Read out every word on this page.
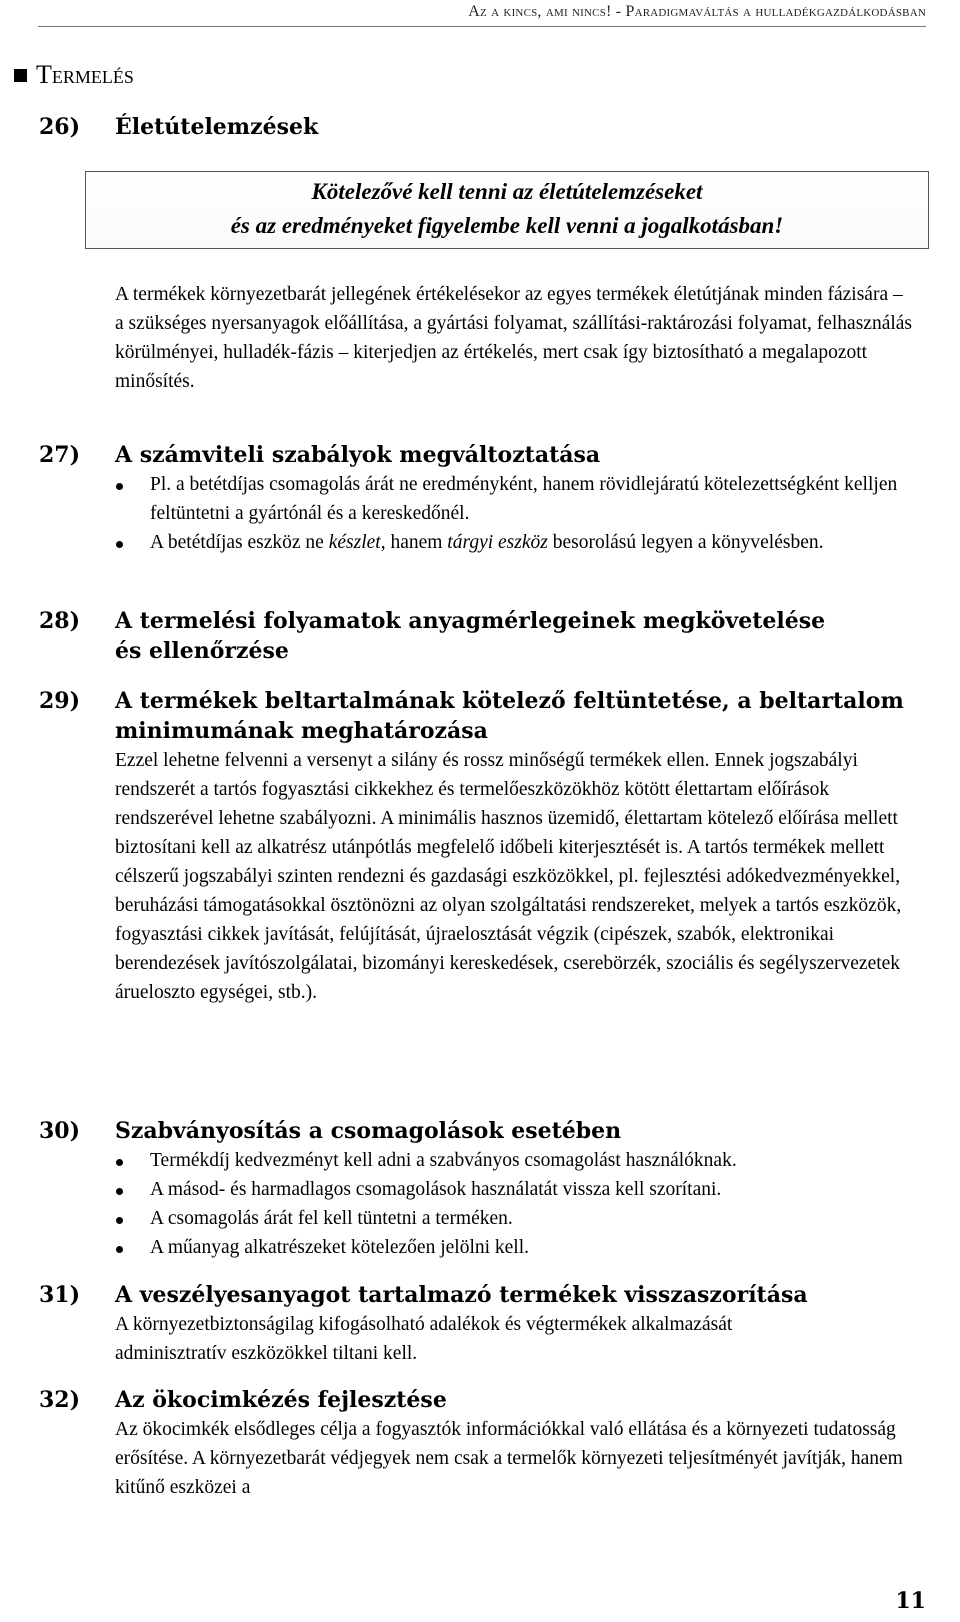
Az a kincs, ami nincs! - Paradigmaváltás a hulladékgazdálkodásban
Termelés
26)	Életútelemzések
Kötelezővé kell tenni az életútelemzéseket
és az eredményeket figyelembe kell venni a jogalkotásban!
A termékek környezetbarát jellegének értékelésekor az egyes termékek életútjának minden fázisára – a szükséges nyersanyagok előállítása, a gyártási folyamat, szállítási-raktározási folyamat, felhasználás körülményei, hulladék-fázis – kiterjedjen az értékelés, mert csak így biztosítható a megalapozott minősítés.
27)	A számviteli szabályok megváltoztatása
Pl. a betétdíjas csomagolás árát ne eredményként, hanem rövidlejáratú kötelezettségként kelljen feltüntetni a gyártónál és a kereskedőnél.
A betétdíjas eszköz ne készlet, hanem tárgyi eszköz besorolású legyen a könyvelésben.
28)	A termelési folyamatok anyagmérlegeinek megkövetelése és ellenőrzése
29)	A termékek beltartalmának kötelező feltüntetése, a beltartalom minimumának meghatározása
Ezzel lehetne felvenni a versenyt a silány és rossz minőségű termékek ellen. Ennek jogszabályi rendszerét a tartós fogyasztási cikkekhez és termelőeszközökhöz kötött élettartam előírások rendszerével lehetne szabályozni. A minimális hasznos üzemidő, élettartam kötelező előírása mellett biztosítani kell az alkatrész utánpótlás megfelelő időbeli kiterjesztését is. A tartós termékek mellett célszerű jogszabályi szinten rendezni és gazdasági eszközökkel, pl. fejlesztési adókedvezményekkel, beruházási támogatásokkal ösztönözni az olyan szolgáltatási rendszereket, melyek a tartós eszközök, fogyasztási cikkek javítását, felújítását, újraelosztását végzik (cipészek, szabók, elektronikai berendezések javítószolgálatai, bizományi kereskedések, cserebörzék, szociális és segélyszervezetek árueloszto egységei, stb.).
30)	Szabványosítás a csomagolások esetében
Termékdíj kedvezményt kell adni a szabványos csomagolást használóknak.
A másod- és harmadlagos csomagolások használatát vissza kell szorítani.
A csomagolás árát fel kell tüntetni a terméken.
A műanyag alkatrészeket kötelezően jelölni kell.
31)	A veszélyesanyagot tartalmazó termékek visszaszorítása
A környezetbiztonságilag kifogásolható adalékok és végtermékek alkalmazását adminisztratív eszközökkel tiltani kell.
32)	Az ökocimkézés fejlesztése
Az ökocimkék elsődleges célja a fogyasztók információkkal való ellátása és a környezeti tudatosság erősítése. A környezetbarát védjegyek nem csak a termelők környezeti teljesítményét javítják, hanem kitűnő eszközei a
11
